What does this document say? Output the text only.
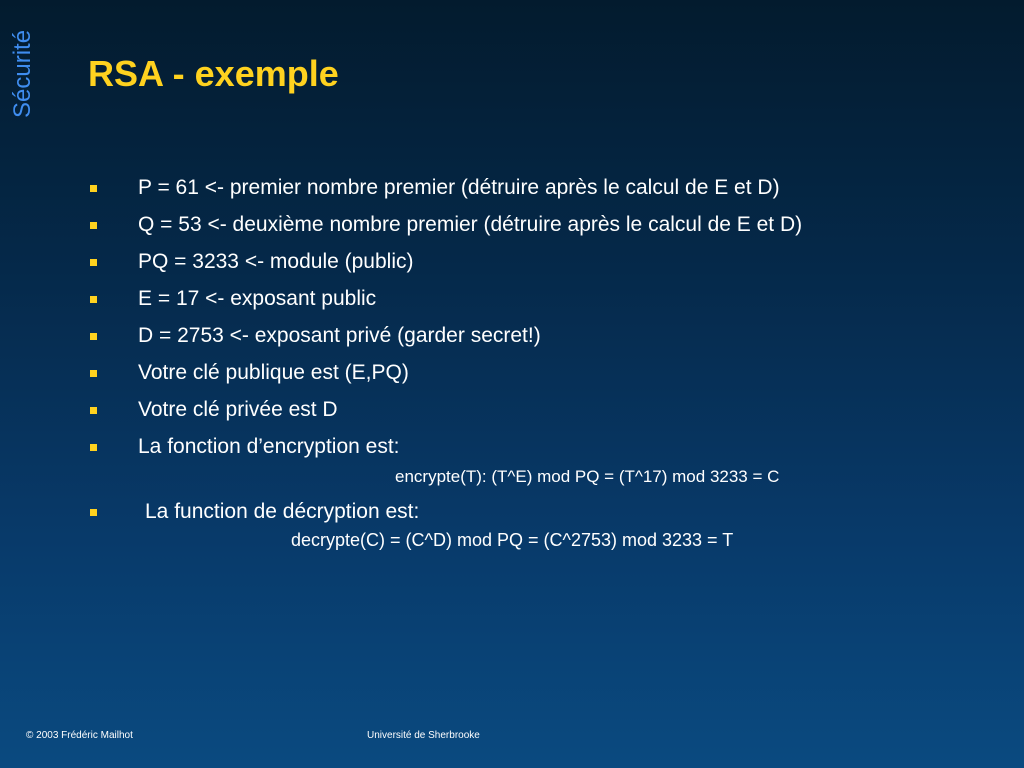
Sécurité RSA - exemple
P = 61 <- premier nombre premier (détruire après le calcul de E et D)
Q = 53 <- deuxième nombre premier (détruire après le calcul de E et D)
PQ = 3233 <- module (public)
E = 17 <- exposant public
D = 2753 <- exposant privé (garder secret!)
Votre clé publique est (E,PQ)
Votre clé privée est D
La fonction d’encryption est:
encrypte(T): (T^E) mod PQ = (T^17) mod 3233 = C
La function de décryption est:
decrypte(C) = (C^D) mod PQ = (C^2753) mod 3233 = T
© 2003 Frédéric Mailhot	Université de Sherbrooke
